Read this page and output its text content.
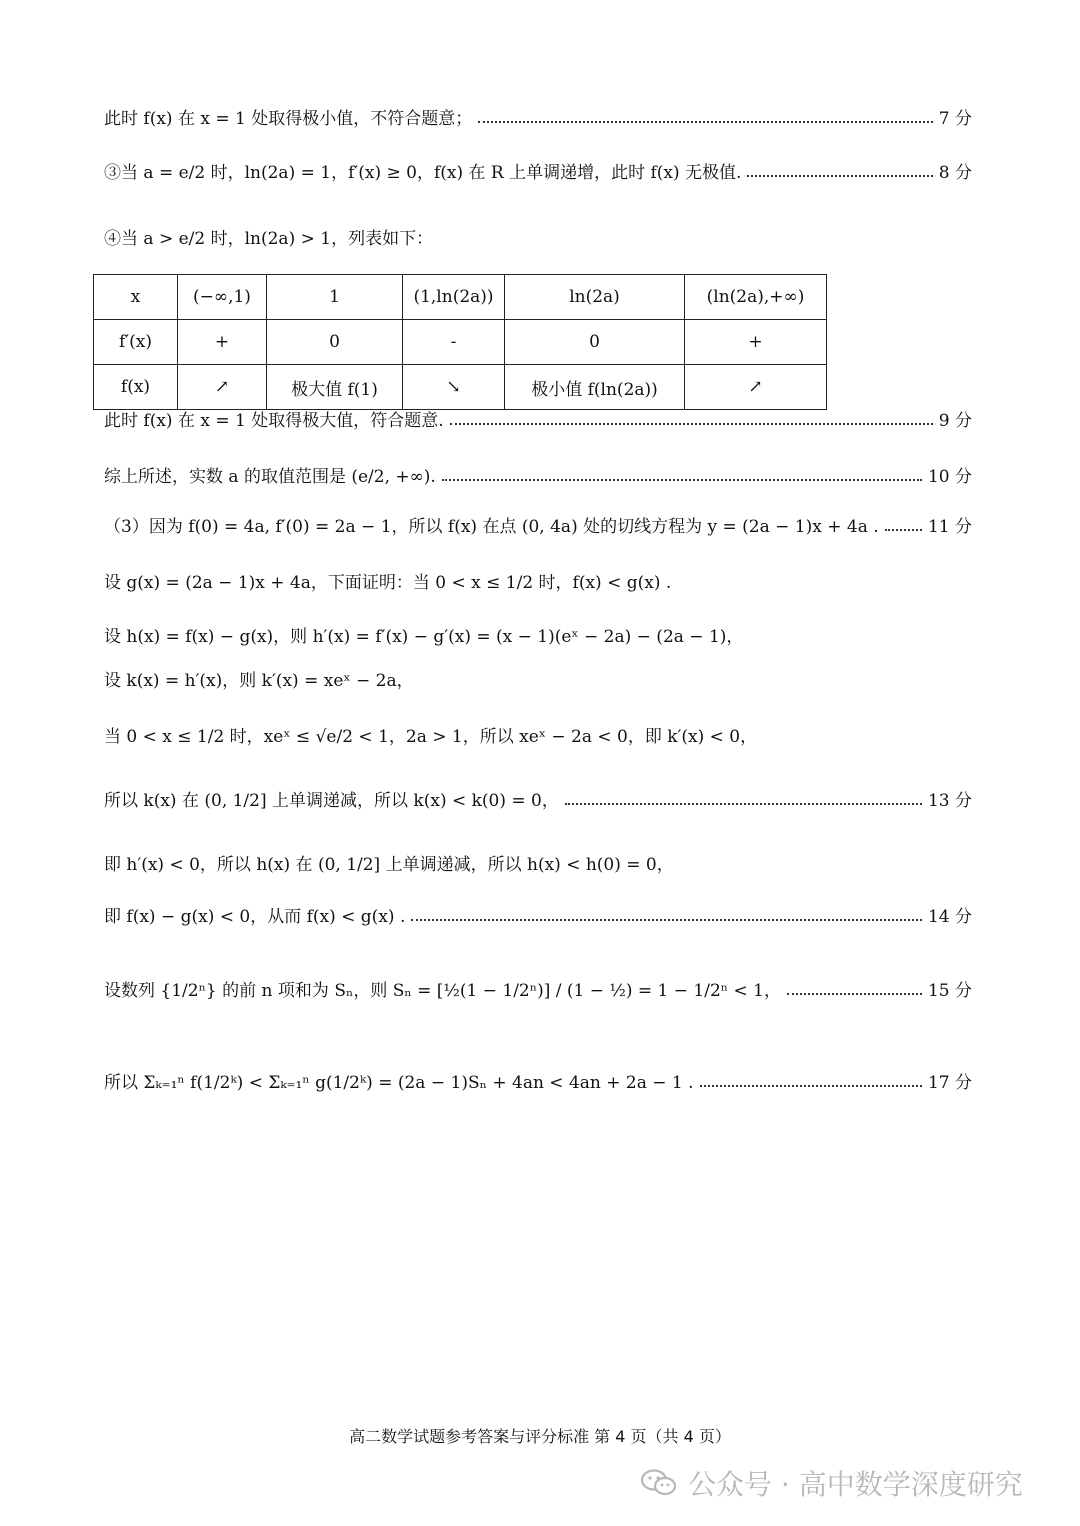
此时 f(x) 在 x = 1 处取得极小值，不符合题意；	7 分
③当 a = e/2 时，ln(2a) = 1，f′(x) ≥ 0，f(x) 在 R 上单调递增，此时 f(x) 无极值.	8 分
④当 a > e/2 时，ln(2a) > 1，列表如下：
x	(−∞,1)	1	(1,ln(2a))	ln(2a)	(ln(2a),+∞)
f′(x)	+	0	-	0	+
f(x)	↗	极大值 f(1)	↘	极小值 f(ln(2a))	↗
此时 f(x) 在 x = 1 处取得极大值，符合题意.	9 分
综上所述，实数 a 的取值范围是 (e/2, +∞).	10 分
（3）因为 f(0) = 4a, f′(0) = 2a − 1，所以 f(x) 在点 (0, 4a) 处的切线方程为 y = (2a − 1)x + 4a .	11 分
设 g(x) = (2a − 1)x + 4a，下面证明：当 0 < x ≤ 1/2 时，f(x) < g(x) .
设 h(x) = f(x) − g(x)，则 h′(x) = f′(x) − g′(x) = (x − 1)(eˣ − 2a) − (2a − 1)，
设 k(x) = h′(x)，则 k′(x) = xeˣ − 2a，
当 0 < x ≤ 1/2 时，xeˣ ≤ √e/2 < 1，2a > 1，所以 xeˣ − 2a < 0，即 k′(x) < 0，
所以 k(x) 在 (0, 1/2] 上单调递减，所以 k(x) < k(0) = 0，	13 分
即 h′(x) < 0，所以 h(x) 在 (0, 1/2] 上单调递减，所以 h(x) < h(0) = 0，
即 f(x) − g(x) < 0，从而 f(x) < g(x) .	14 分
设数列 {1/2ⁿ} 的前 n 项和为 Sₙ，则 Sₙ = [½(1 − 1/2ⁿ)] / (1 − ½) = 1 − 1/2ⁿ < 1，	15 分
所以 Σₖ₌₁ⁿ f(1/2ᵏ) < Σₖ₌₁ⁿ g(1/2ᵏ) = (2a − 1)Sₙ + 4an < 4an + 2a − 1 .	17 分
高二数学试题参考答案与评分标准 第 4 页（共 4 页）
公众号 · 高中数学深度研究
